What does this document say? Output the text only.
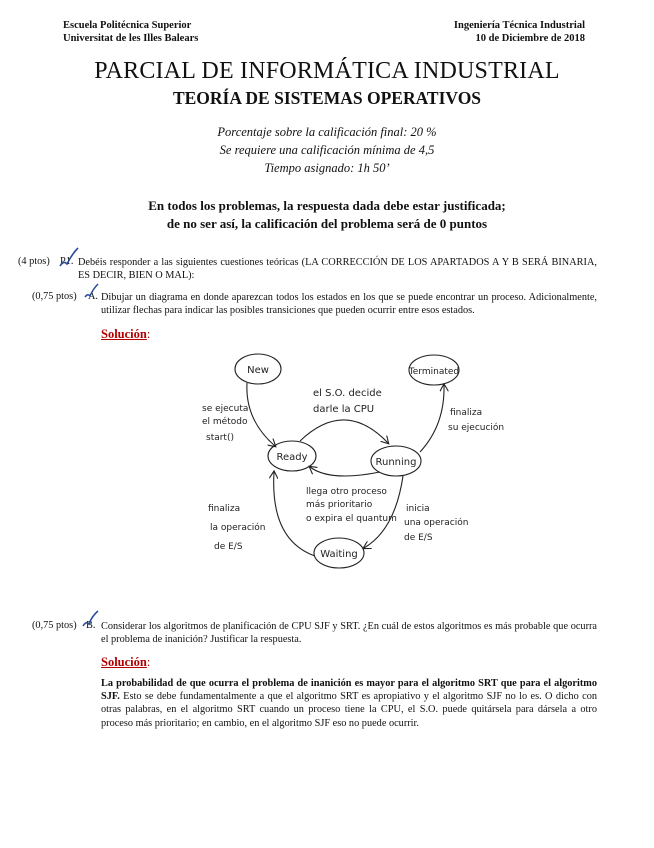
Escuela Politécnica Superior
Universitat de les Illes Balears
Ingeniería Técnica Industrial
10 de Diciembre de 2018
PARCIAL DE INFORMÁTICA INDUSTRIAL
TEORÍA DE SISTEMAS OPERATIVOS
Porcentaje sobre la calificación final: 20 %
Se requiere una calificación mínima de 4,5
Tiempo asignado: 1h 50’
En todos los problemas, la respuesta dada debe estar justificada;
de no ser así, la calificación del problema será de 0 puntos
(4 ptos) P1. Debéis responder a las siguientes cuestiones teóricas (LA CORRECCIÓN DE LOS APARTADOS A Y B SERÁ BINARIA, ES DECIR, BIEN O MAL):
(0,75 ptos) A. Dibujar un diagrama en donde aparezcan todos los estados en los que se puede encontrar un proceso. Adicionalmente, utilizar flechas para indicar las posibles transiciones que pueden ocurrir entre esos estados.
Solución:
New	Terminated
Ready	Running
Waiting
se ejecuta
el método
start()
el S.O. decide
darle la CPU	finaliza
su ejecución
llega otro proceso
más prioritario
o expira el quantum
inicia
una operación
de E/S
finaliza
la operación
de E/S
(0,75 ptos) B. Considerar los algoritmos de planificación de CPU SJF y SRT. ¿En cuál de estos algoritmos es más probable que ocurra el problema de inanición? Justificar la respuesta.
Solución:
La probabilidad de que ocurra el problema de inanición es mayor para el algoritmo SRT que para el algoritmo SJF. Esto se debe fundamentalmente a que el algoritmo SRT es apropiativo y el algoritmo SJF no lo es. O dicho con otras palabras, en el algoritmo SRT cuando un proceso tiene la CPU, el S.O. puede quitársela para dársela a otro proceso más prioritario; en cambio, en el algoritmo SJF eso no puede ocurrir.
